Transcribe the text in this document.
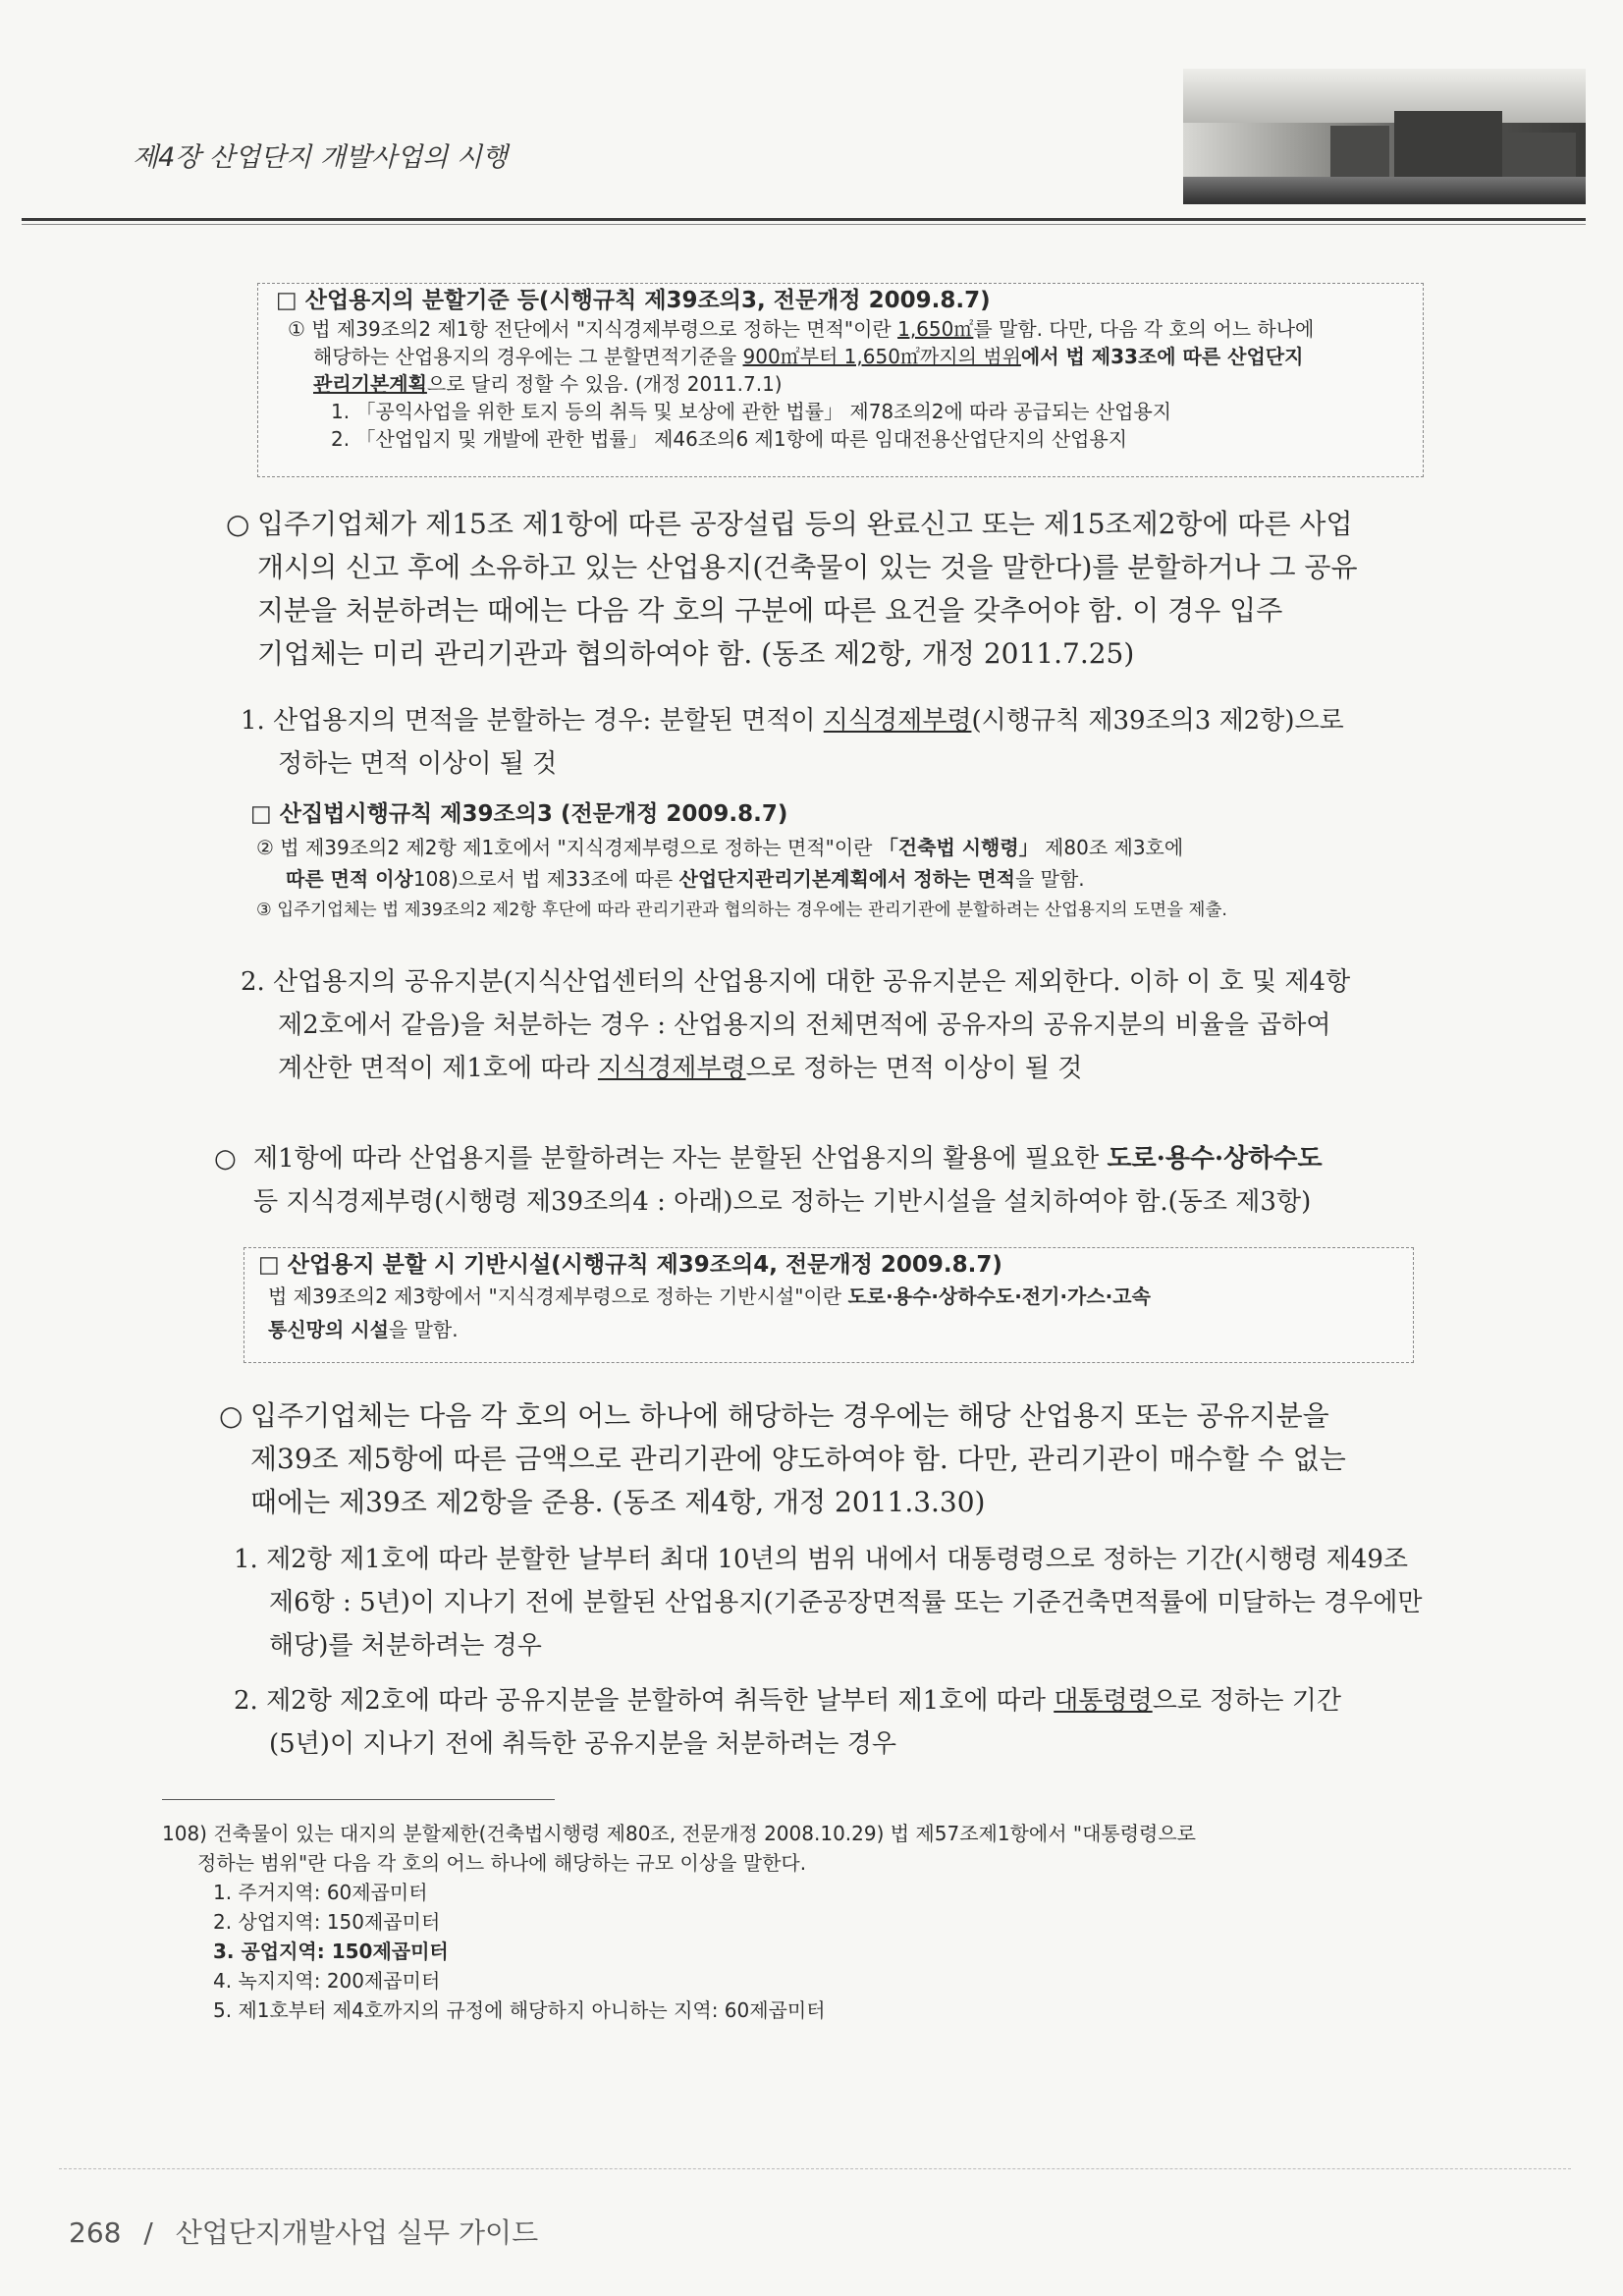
제4장 산업단지 개발사업의 시행
□ 산업용지의 분할기준 등(시행규칙 제39조의3, 전문개정 2009.8.7)
① 법 제39조의2 제1항 전단에서 "지식경제부령으로 정하는 면적"이란 1,650㎡를 말함. 다만, 다음 각 호의 어느 하나에
해당하는 산업용지의 경우에는 그 분할면적기준을 900㎡부터 1,650㎡까지의 범위에서 법 제33조에 따른 산업단지
관리기본계획으로 달리 정할 수 있음. (개정 2011.7.1)
1. 「공익사업을 위한 토지 등의 취득 및 보상에 관한 법률」 제78조의2에 따라 공급되는 산업용지
2. 「산업입지 및 개발에 관한 법률」 제46조의6 제1항에 따른 임대전용산업단지의 산업용지
○ 입주기업체가 제15조 제1항에 따른 공장설립 등의 완료신고 또는 제15조제2항에 따른 사업
개시의 신고 후에 소유하고 있는 산업용지(건축물이 있는 것을 말한다)를 분할하거나 그 공유
지분을 처분하려는 때에는 다음 각 호의 구분에 따른 요건을 갖추어야 함. 이 경우 입주
기업체는 미리 관리기관과 협의하여야 함. (동조 제2항, 개정 2011.7.25)
1. 산업용지의 면적을 분할하는 경우: 분할된 면적이 지식경제부령(시행규칙 제39조의3 제2항)으로
정하는 면적 이상이 될 것
□ 산집법시행규칙 제39조의3 (전문개정 2009.8.7)
② 법 제39조의2 제2항 제1호에서 "지식경제부령으로 정하는 면적"이란 「건축법 시행령」 제80조 제3호에
따른 면적 이상108)으로서 법 제33조에 따른 산업단지관리기본계획에서 정하는 면적을 말함.
③ 입주기업체는 법 제39조의2 제2항 후단에 따라 관리기관과 협의하는 경우에는 관리기관에 분할하려는 산업용지의 도면을 제출.
2. 산업용지의 공유지분(지식산업센터의 산업용지에 대한 공유지분은 제외한다. 이하 이 호 및 제4항
제2호에서 같음)을 처분하는 경우 : 산업용지의 전체면적에 공유자의 공유지분의 비율을 곱하여
계산한 면적이 제1호에 따라 지식경제부령으로 정하는 면적 이상이 될 것
○ 제1항에 따라 산업용지를 분할하려는 자는 분할된 산업용지의 활용에 필요한 도로·용수·상하수도
등 지식경제부령(시행령 제39조의4 : 아래)으로 정하는 기반시설을 설치하여야 함.(동조 제3항)
□ 산업용지 분할 시 기반시설(시행규칙 제39조의4, 전문개정 2009.8.7)
법 제39조의2 제3항에서 "지식경제부령으로 정하는 기반시설"이란 도로·용수·상하수도·전기·가스·고속
통신망의 시설을 말함.
○ 입주기업체는 다음 각 호의 어느 하나에 해당하는 경우에는 해당 산업용지 또는 공유지분을
제39조 제5항에 따른 금액으로 관리기관에 양도하여야 함. 다만, 관리기관이 매수할 수 없는
때에는 제39조 제2항을 준용. (동조 제4항, 개정 2011.3.30)
1. 제2항 제1호에 따라 분할한 날부터 최대 10년의 범위 내에서 대통령령으로 정하는 기간(시행령 제49조
제6항 : 5년)이 지나기 전에 분할된 산업용지(기준공장면적률 또는 기준건축면적률에 미달하는 경우에만
해당)를 처분하려는 경우
2. 제2항 제2호에 따라 공유지분을 분할하여 취득한 날부터 제1호에 따라 대통령령으로 정하는 기간
(5년)이 지나기 전에 취득한 공유지분을 처분하려는 경우
108) 건축물이 있는 대지의 분할제한(건축법시행령 제80조, 전문개정 2008.10.29) 법 제57조제1항에서 "대통령령으로
정하는 범위"란 다음 각 호의 어느 하나에 해당하는 규모 이상을 말한다.
1. 주거지역: 60제곱미터
2. 상업지역: 150제곱미터
3. 공업지역: 150제곱미터
4. 녹지지역: 200제곱미터
5. 제1호부터 제4호까지의 규정에 해당하지 아니하는 지역: 60제곱미터
268 / 산업단지개발사업 실무 가이드
